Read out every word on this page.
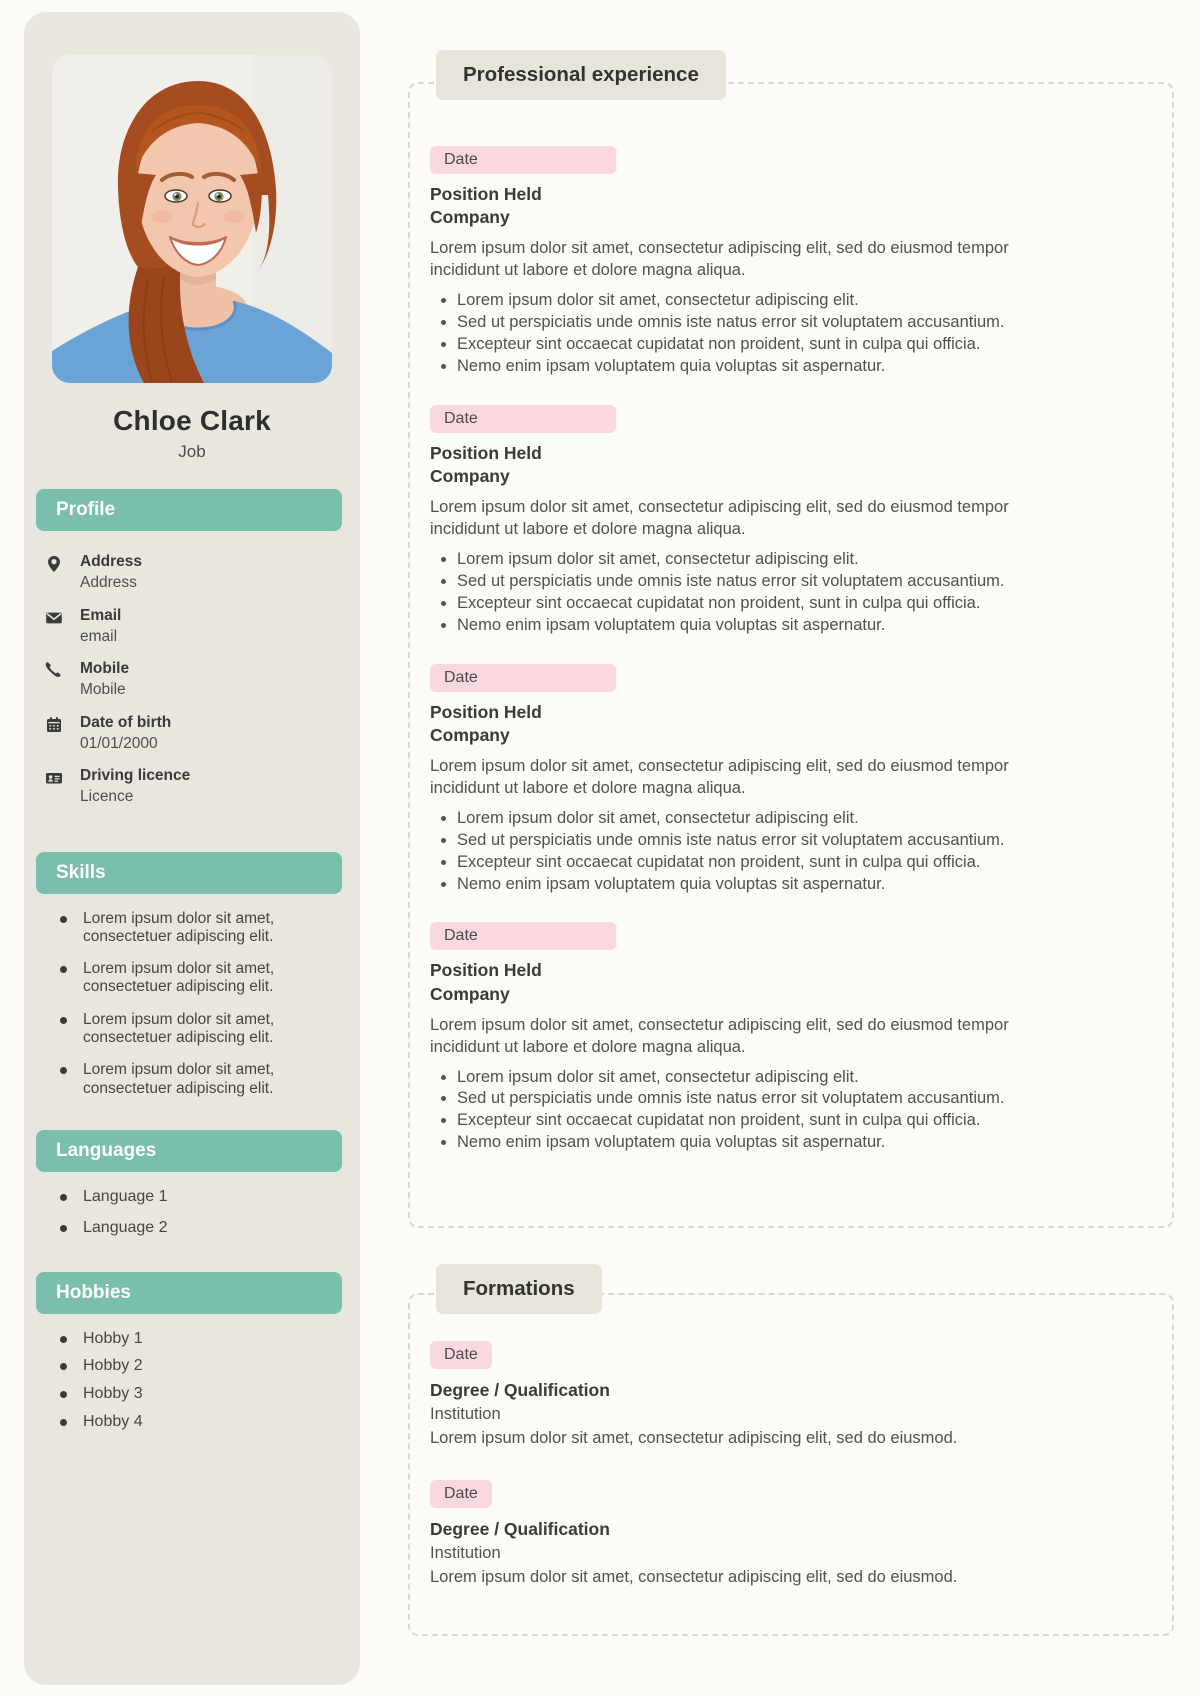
Chloe Clark
Job
Profile
Address
Address
Email
email
Mobile
Mobile
Date of birth
01/01/2000
Driving licence
Licence
Skills
Lorem ipsum dolor sit amet, consectetuer adipiscing elit.
Lorem ipsum dolor sit amet, consectetuer adipiscing elit.
Lorem ipsum dolor sit amet, consectetuer adipiscing elit.
Lorem ipsum dolor sit amet, consectetuer adipiscing elit.
Languages
Language 1
Language 2
Hobbies
Hobby 1
Hobby 2
Hobby 3
Hobby 4
Professional experience
Date
Position Held
Company

Lorem ipsum dolor sit amet, consectetur adipiscing elit, sed do eiusmod tempor incididunt ut labore et dolore magna aliqua.

• Lorem ipsum dolor sit amet, consectetur adipiscing elit.
• Sed ut perspiciatis unde omnis iste natus error sit voluptatem accusantium.
• Excepteur sint occaecat cupidatat non proident, sunt in culpa qui officia.
• Nemo enim ipsam voluptatem quia voluptas sit aspernatur.
Date
Position Held
Company

Lorem ipsum dolor sit amet, consectetur adipiscing elit, sed do eiusmod tempor incididunt ut labore et dolore magna aliqua.

• Lorem ipsum dolor sit amet, consectetur adipiscing elit.
• Sed ut perspiciatis unde omnis iste natus error sit voluptatem accusantium.
• Excepteur sint occaecat cupidatat non proident, sunt in culpa qui officia.
• Nemo enim ipsam voluptatem quia voluptas sit aspernatur.
Date
Position Held
Company

Lorem ipsum dolor sit amet, consectetur adipiscing elit, sed do eiusmod tempor incididunt ut labore et dolore magna aliqua.

• Lorem ipsum dolor sit amet, consectetur adipiscing elit.
• Sed ut perspiciatis unde omnis iste natus error sit voluptatem accusantium.
• Excepteur sint occaecat cupidatat non proident, sunt in culpa qui officia.
• Nemo enim ipsam voluptatem quia voluptas sit aspernatur.
Date
Position Held
Company

Lorem ipsum dolor sit amet, consectetur adipiscing elit, sed do eiusmod tempor incididunt ut labore et dolore magna aliqua.

• Lorem ipsum dolor sit amet, consectetur adipiscing elit.
• Sed ut perspiciatis unde omnis iste natus error sit voluptatem accusantium.
• Excepteur sint occaecat cupidatat non proident, sunt in culpa qui officia.
• Nemo enim ipsam voluptatem quia voluptas sit aspernatur.
Formations
Date
Degree / Qualification
Institution
Lorem ipsum dolor sit amet, consectetur adipiscing elit, sed do eiusmod.
Date
Degree / Qualification
Institution
Lorem ipsum dolor sit amet, consectetur adipiscing elit, sed do eiusmod.
